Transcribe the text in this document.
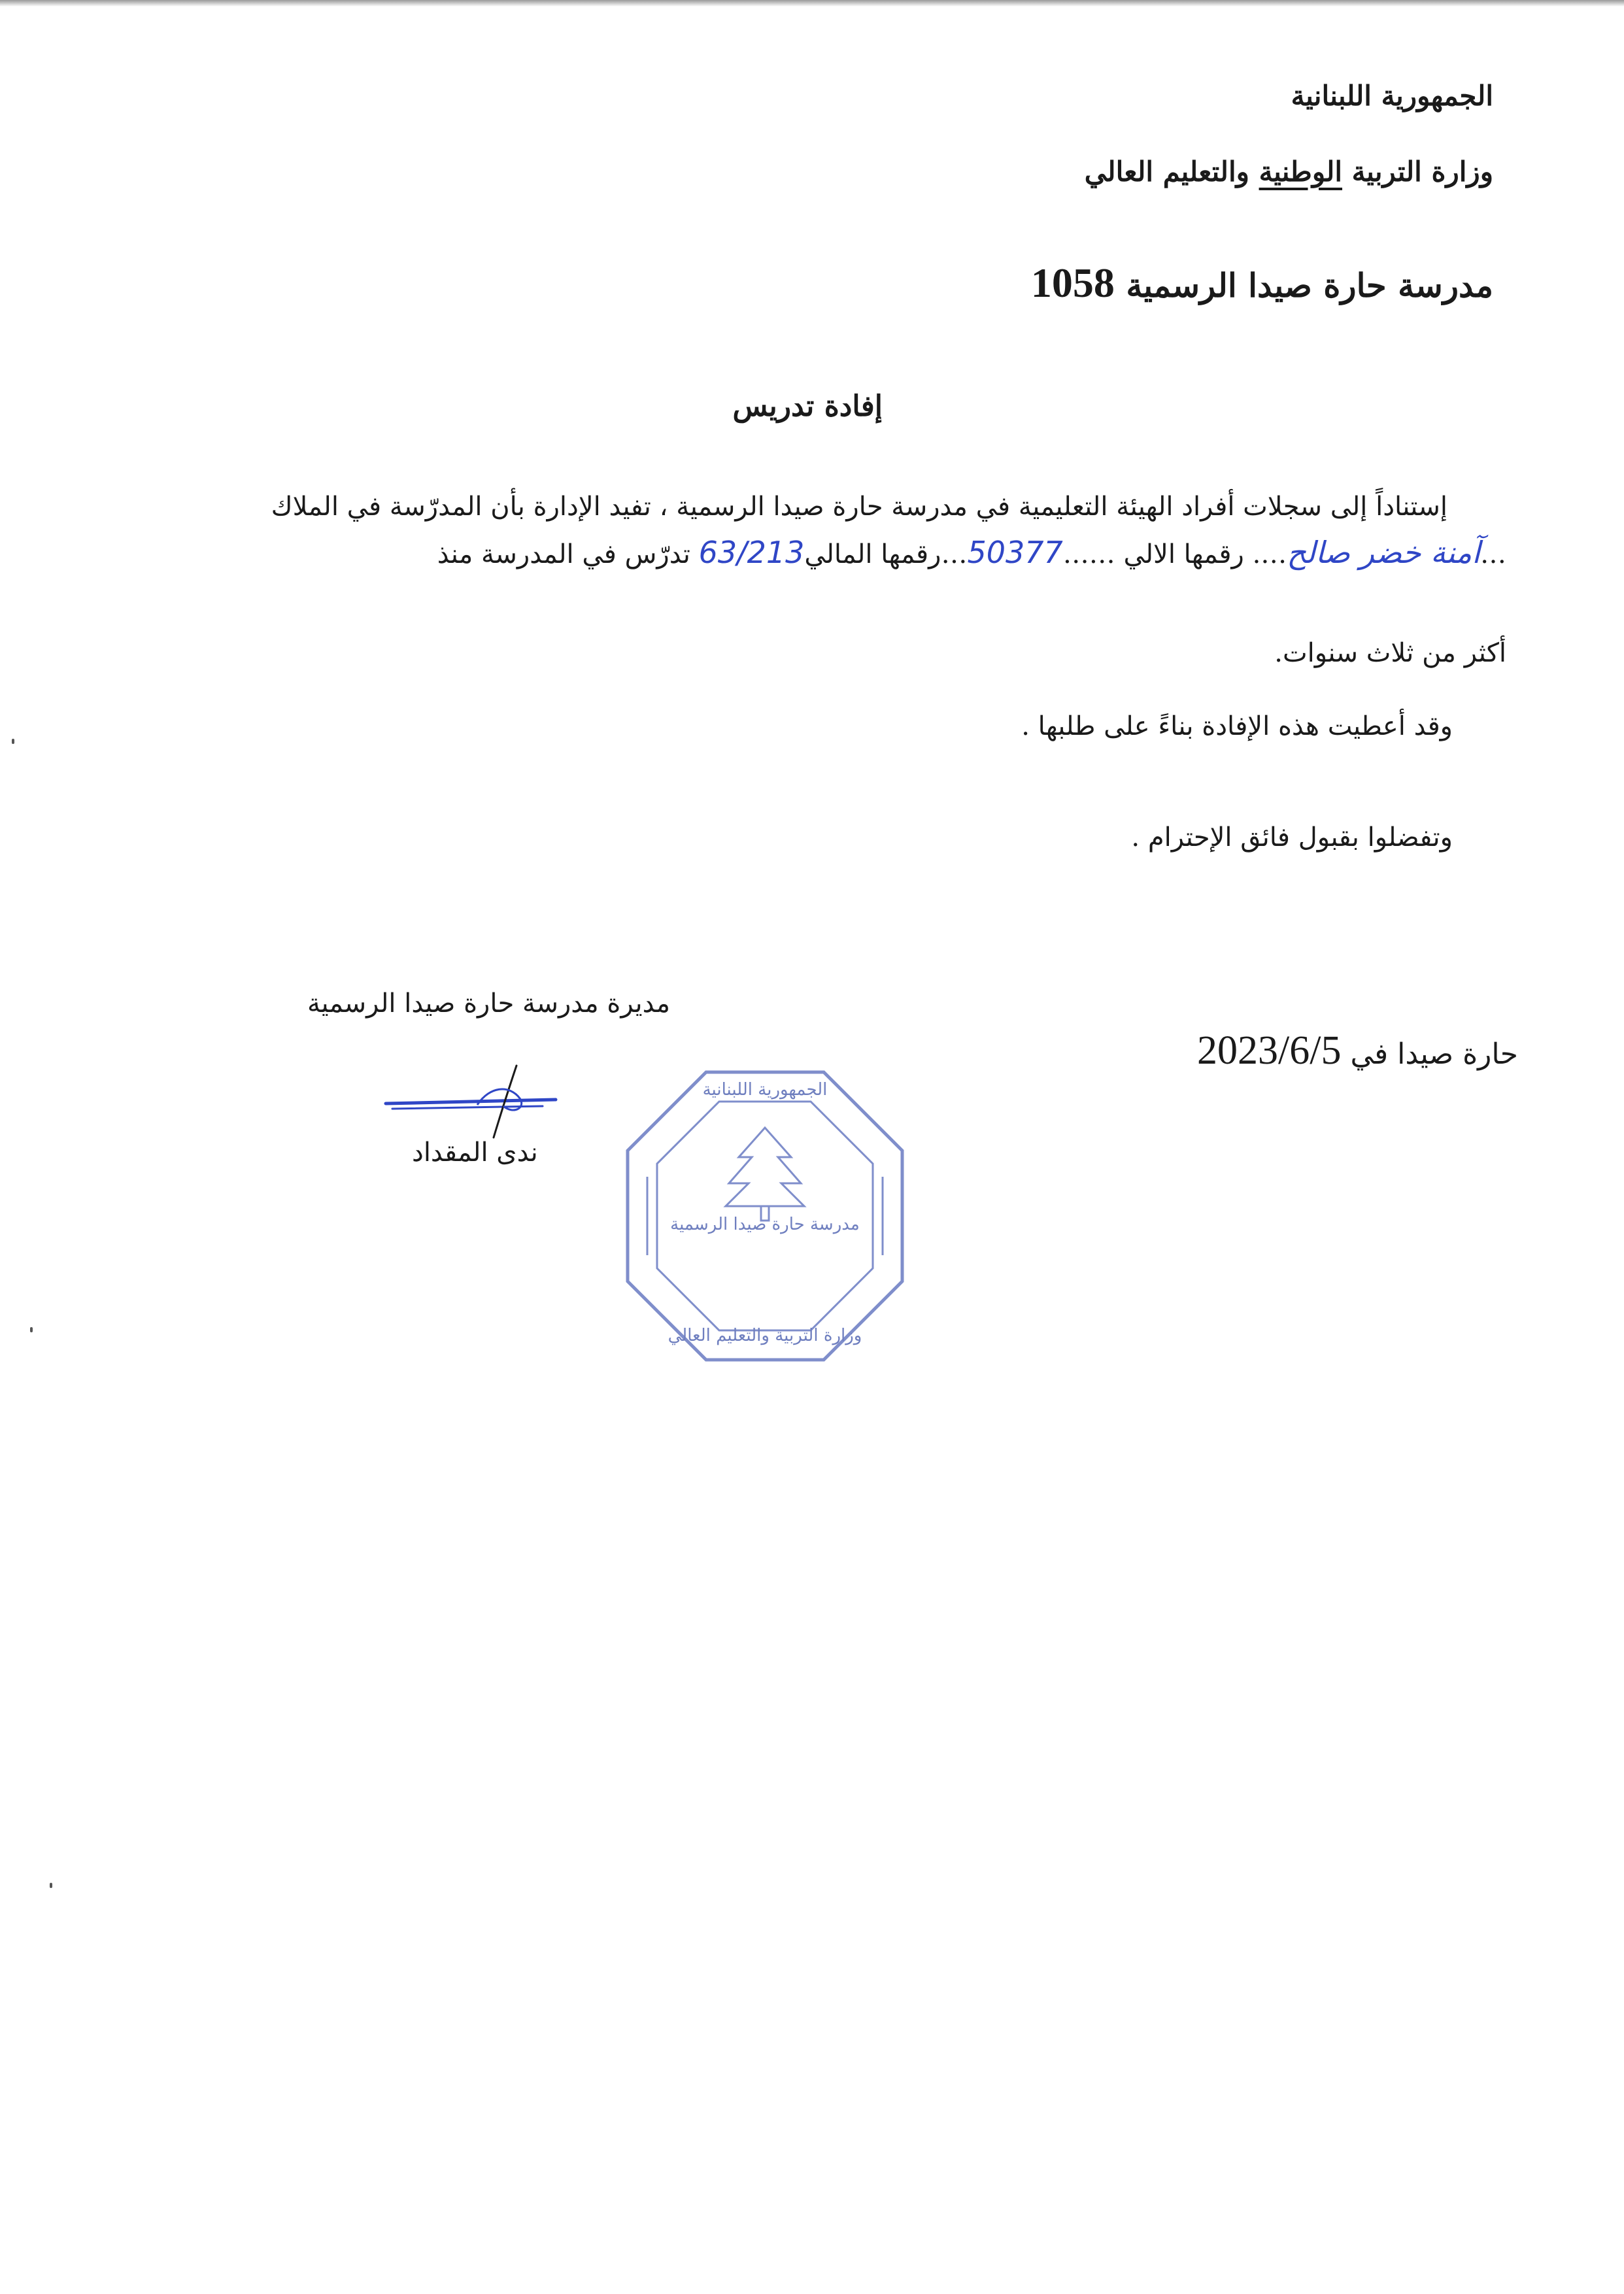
الجمهورية اللبنانية
وزارة التربية الوطنية والتعليم العالي
مدرسة حارة صيدا الرسمية 1058
إفادة تدريس
إستناداً إلى سجلات أفراد الهيئة التعليمية في مدرسة حارة صيدا الرسمية ، تفيد الإدارة بأن المدرّسة في الملاك
…آمنة خضر صالح…. رقمها الالي ……50377…رقمها المالي63/213 تدرّس في المدرسة منذ
أكثر من ثلاث سنوات.
وقد أعطيت هذه الإفادة بناءً على طلبها .
وتفضلوا بقبول فائق الإحترام .
حارة صيدا في 2023/6/5
مديرة مدرسة حارة صيدا الرسمية
ندى المقداد
الجمهورية اللبنانية
مدرسة حارة صيدا الرسمية
وزارة التربية والتعليم العالي
